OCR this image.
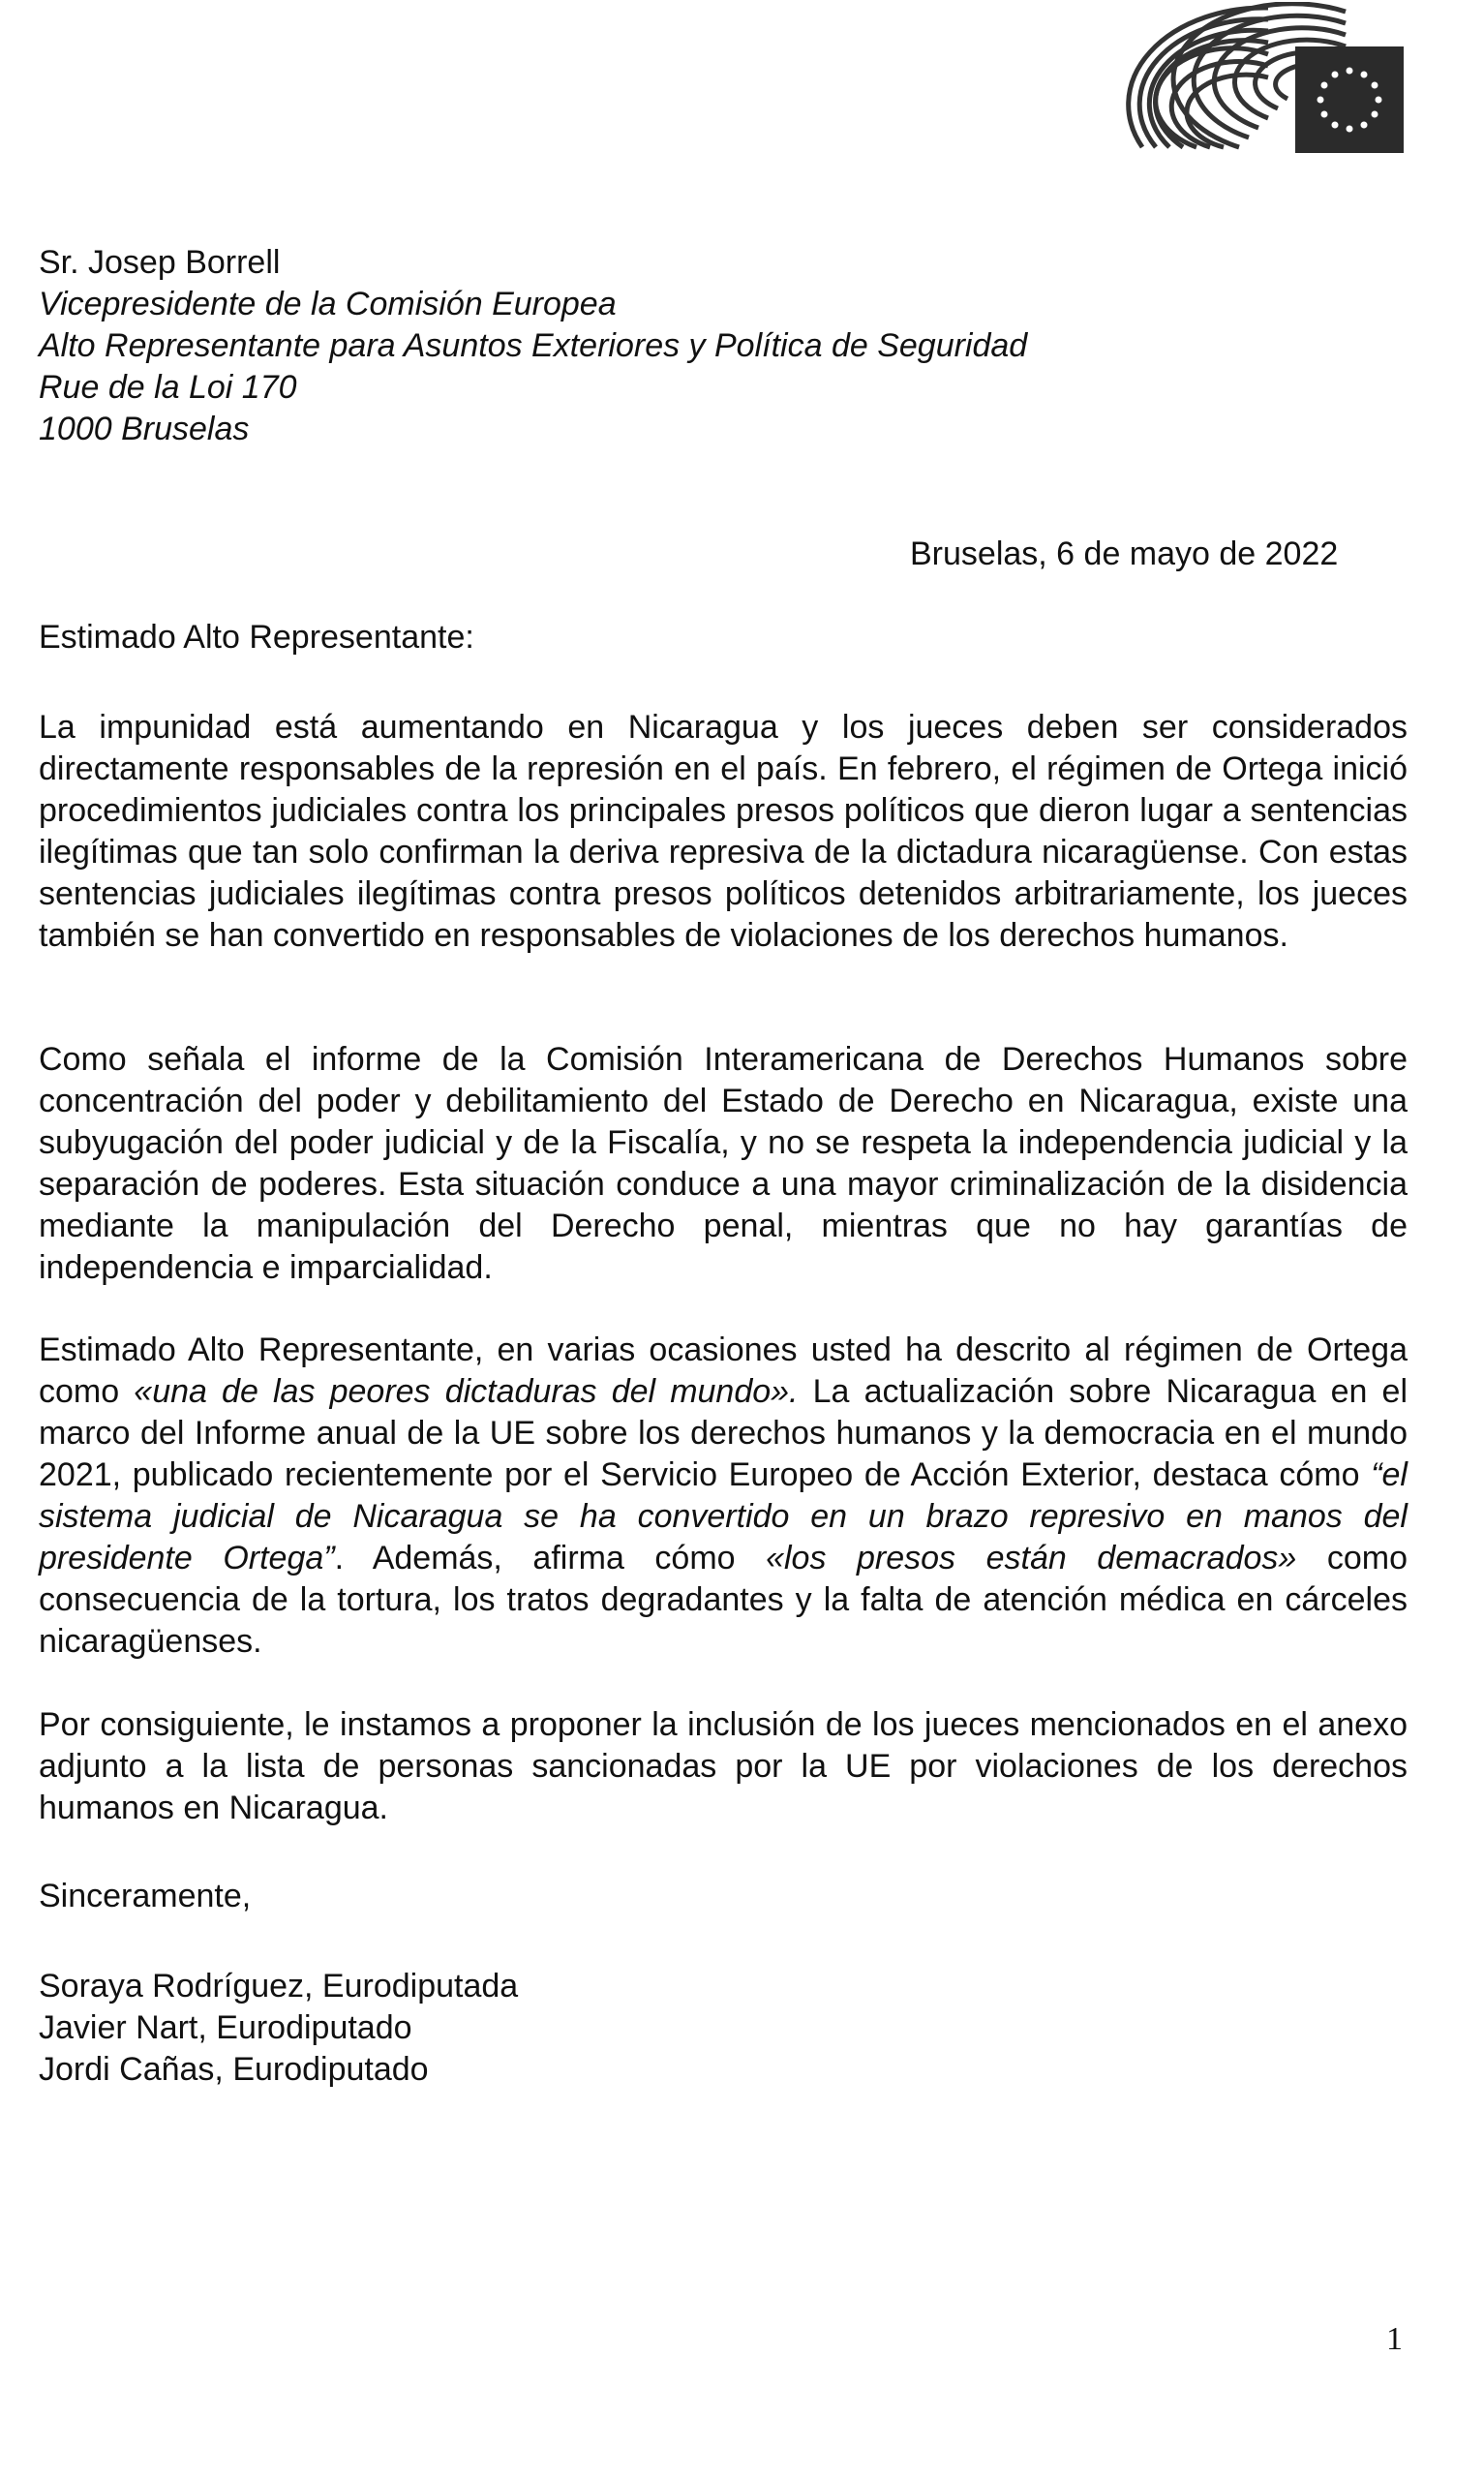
Sr. Josep Borrell
Vicepresidente de la Comisión Europea
Alto Representante para Asuntos Exteriores y Política de Seguridad
Rue de la Loi 170
1000 Bruselas
Bruselas, 6 de mayo de 2022
Estimado Alto Representante:

La impunidad está aumentando en Nicaragua y los jueces deben ser considerados directamente responsables de la represión en el país. En febrero, el régimen de Ortega inició procedimientos judiciales contra los principales presos políticos que dieron lugar a sentencias ilegítimas que tan solo confirman la deriva represiva de la dictadura nicaragüense. Con estas sentencias judiciales ilegítimas contra presos políticos detenidos arbitrariamente, los jueces también se han convertido en responsables de violaciones de los derechos humanos.

Como señala el informe de la Comisión Interamericana de Derechos Humanos sobre concentración del poder y debilitamiento del Estado de Derecho en Nicaragua, existe una subyugación del poder judicial y de la Fiscalía, y no se respeta la independencia judicial y la separación de poderes. Esta situación conduce a una mayor criminalización de la disidencia mediante la manipulación del Derecho penal, mientras que no hay garantías de independencia e imparcialidad.

Estimado Alto Representante, en varias ocasiones usted ha descrito al régimen de Ortega como «una de las peores dictaduras del mundo». La actualización sobre Nicaragua en el marco del Informe anual de la UE sobre los derechos humanos y la democracia en el mundo 2021, publicado recientemente por el Servicio Europeo de Acción Exterior, destaca cómo “el sistema judicial de Nicaragua se ha convertido en un brazo represivo en manos del presidente Ortega”. Además, afirma cómo «los presos están demacrados» como consecuencia de la tortura, los tratos degradantes y la falta de atención médica en cárceles nicaragüenses.

Por consiguiente, le instamos a proponer la inclusión de los jueces mencionados en el anexo adjunto a la lista de personas sancionadas por la UE por violaciones de los derechos humanos en Nicaragua.

Sinceramente,
Soraya Rodríguez, Eurodiputada
Javier Nart, Eurodiputado
Jordi Cañas, Eurodiputado
1
